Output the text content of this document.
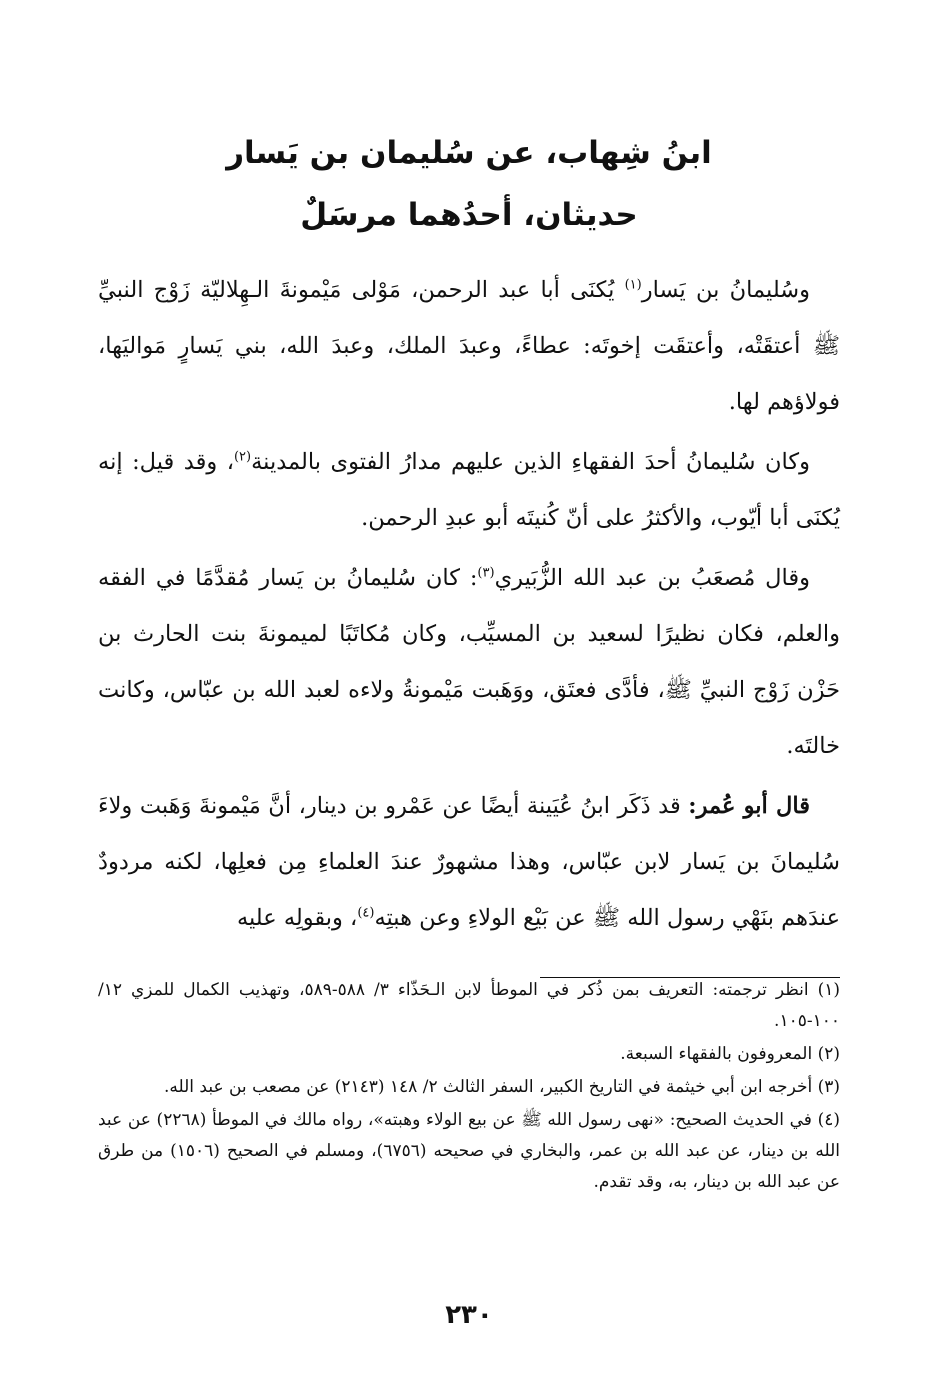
ابنُ شِهاب، عن سُليمان بن يَسار

حديثان، أحدُهما مرسَلٌ

وسُليمانُ بن يَسار$^{(١)}$ يُكنَى أبا عبد الرحمن، مَوْلى مَيْمونةَ الـهِلاليّة زَوْج النبيِّ ﷺ أعتقَتْه، وأعتقَت إخوتَه: عطاءً، وعبدَ الملك، وعبدَ الله، بني يَسارٍ مَواليَها، فولاؤهم لها.

وكان سُليمانُ أحدَ الفقهاءِ الذين عليهم مدارُ الفتوى بالمدينة$^{(٢)}$، وقد قيل: إنه يُكنَى أبا أيّوب، والأكثرُ على أنّ كُنيتَه أبو عبدِ الرحمن.

وقال مُصعَبُ بن عبد الله الزُّبَيري$^{(٣)}$: كان سُليمانُ بن يَسار مُقدَّمًا في الفقه والعلم، فكان نظيرًا لسعيد بن المسيِّب، وكان مُكاتَبًا لميمونةَ بنت الحارث بن حَزْن زَوْج النبيِّ ﷺ، فأدَّى فعتَق، ووَهَبت مَيْمونةُ ولاءه لعبد الله بن عبّاس، وكانت خالتَه.

قال أبو عُمر: قد ذَكَر ابنُ عُيَينة أيضًا عن عَمْرو بن دينار، أنَّ مَيْمونةَ وَهَبت ولاءَ سُليمانَ بن يَسار لابن عبّاس، وهذا مشهورٌ عندَ العلماءِ مِن فعلِها، لكنه مردودٌ عندَهم بنَهْي رسول الله ﷺ عن بَيْع الولاءِ وعن هبتِه$^{(٤)}$، وبقولِه عليه

(١) انظر ترجمته: التعريف بمن ذُكر في الموطأ لابن الـحَذّاء ٣/ ٥٨٨-٥٨٩، وتهذيب الكمال للمزي ١٢/ ١٠٠-١٠٥.

(٢) المعروفون بالفقهاء السبعة.

(٣) أخرجه ابن أبي خيثمة في التاريخ الكبير، السفر الثالث ٢/ ١٤٨ (٢١٤٣) عن مصعب بن عبد الله.

(٤) في الحديث الصحيح: «نهى رسول الله ﷺ عن بيع الولاء وهبته»، رواه مالك في الموطأ (٢٢٦٨) عن عبد الله بن دينار، عن عبد الله بن عمر، والبخاري في صحيحه (٦٧٥٦)، ومسلم في الصحيح (١٥٠٦) من طرق عن عبد الله بن دينار، به، وقد تقدم.

٢٣٠
